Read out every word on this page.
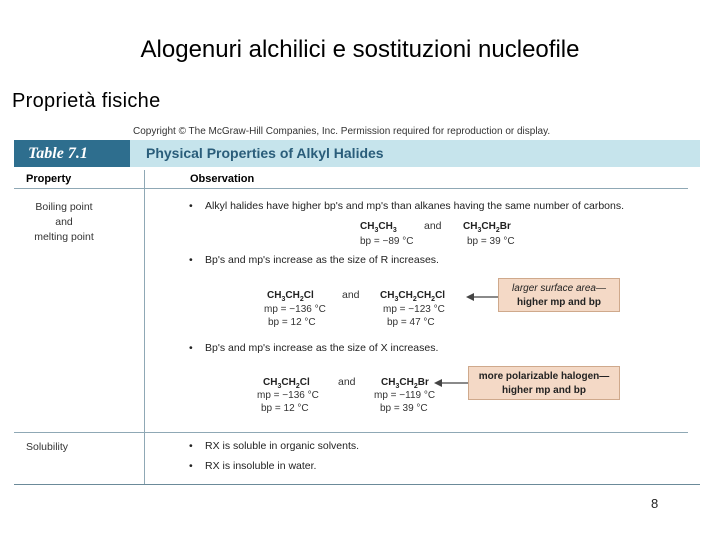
Alogenuri alchilici e sostituzioni nucleofile
Proprietà fisiche
Copyright © The McGraw-Hill Companies, Inc. Permission required for reproduction or display.
Table 7.1	Physical Properties of Alkyl Halides
Property	Observation
Boiling point
and
melting point
• Alkyl halides have higher bp's and mp's than alkanes having the same number of carbons.
$CH_3CH_3$	and $CH_3CH_2Br$
bp = −89 °C	bp = 39 °C
• Bp's and mp's increase as the size of R increases.
$CH_3CH_2Cl$	and $CH_3CH_2CH_2Cl$
mp = −136 °C
bp = 12 °C
mp = −123 °C
bp = 47 °C
larger surface area—
higher mp and bp
• Bp's and mp's increase as the size of X increases.
$CH_3CH_2Cl$	and	$CH_3CH_2Br$
mp = −136 °C
bp = 12 °C
mp = −119 °C
bp = 39 °C
more polarizable halogen—
higher mp and bp
Solubility
•	RX is soluble in organic solvents.
• RX is insoluble in water.
8
